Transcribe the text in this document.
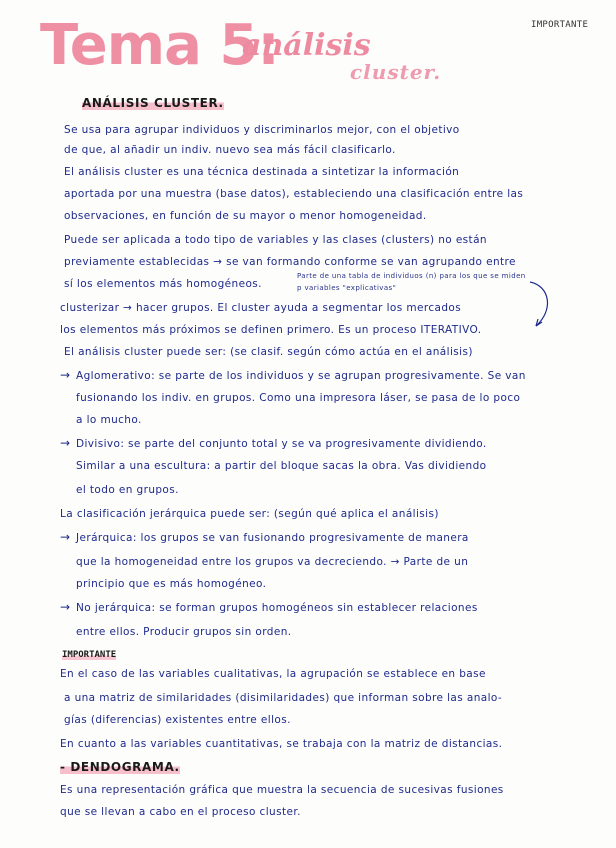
IMPORTANTE
Tema 5:
análisis
cluster.
ANÁLISIS CLUSTER.
Se usa para agrupar individuos y discriminarlos mejor, con el objetivo
de que, al añadir un indiv. nuevo sea más fácil clasificarlo.
El análisis cluster es una técnica destinada a sintetizar la información
aportada por una muestra (base datos), estableciendo una clasificación entre las
observaciones, en función de su mayor o menor homogeneidad.
Puede ser aplicada a todo tipo de variables y las clases (clusters) no están
previamente establecidas → se van formando conforme se van agrupando entre
sí los elementos más homogéneos.
Parte de una tabla de individuos (n) para los que se miden
p variables "explicativas"
clusterizar → hacer grupos. El cluster ayuda a segmentar los mercados
los elementos más próximos se definen primero. Es un proceso ITERATIVO.
El análisis cluster puede ser: (se clasif. según cómo actúa en el análisis)
→ Aglomerativo: se parte de los individuos y se agrupan progresivamente. Se van
fusionando los indiv. en grupos. Como una impresora láser, se pasa de lo poco
a lo mucho.
→ Divisivo: se parte del conjunto total y se va progresivamente dividiendo.
Similar a una escultura: a partir del bloque sacas la obra. Vas dividiendo
el todo en grupos.
La clasificación jerárquica puede ser: (según qué aplica el análisis)
→ Jerárquica: los grupos se van fusionando progresivamente de manera
que la homogeneidad entre los grupos va decreciendo. → Parte de un
principio que es más homogéneo.
→ No jerárquica: se forman grupos homogéneos sin establecer relaciones
entre ellos. Producir grupos sin orden.
IMPORTANTE
En el caso de las variables cualitativas, la agrupación se establece en base
a una matriz de similaridades (disimilaridades) que informan sobre las analo-
gías (diferencias) existentes entre ellos.
En cuanto a las variables cuantitativas, se trabaja con la matriz de distancias.
- DENDOGRAMA.
Es una representación gráfica que muestra la secuencia de sucesivas fusiones
que se llevan a cabo en el proceso cluster.
